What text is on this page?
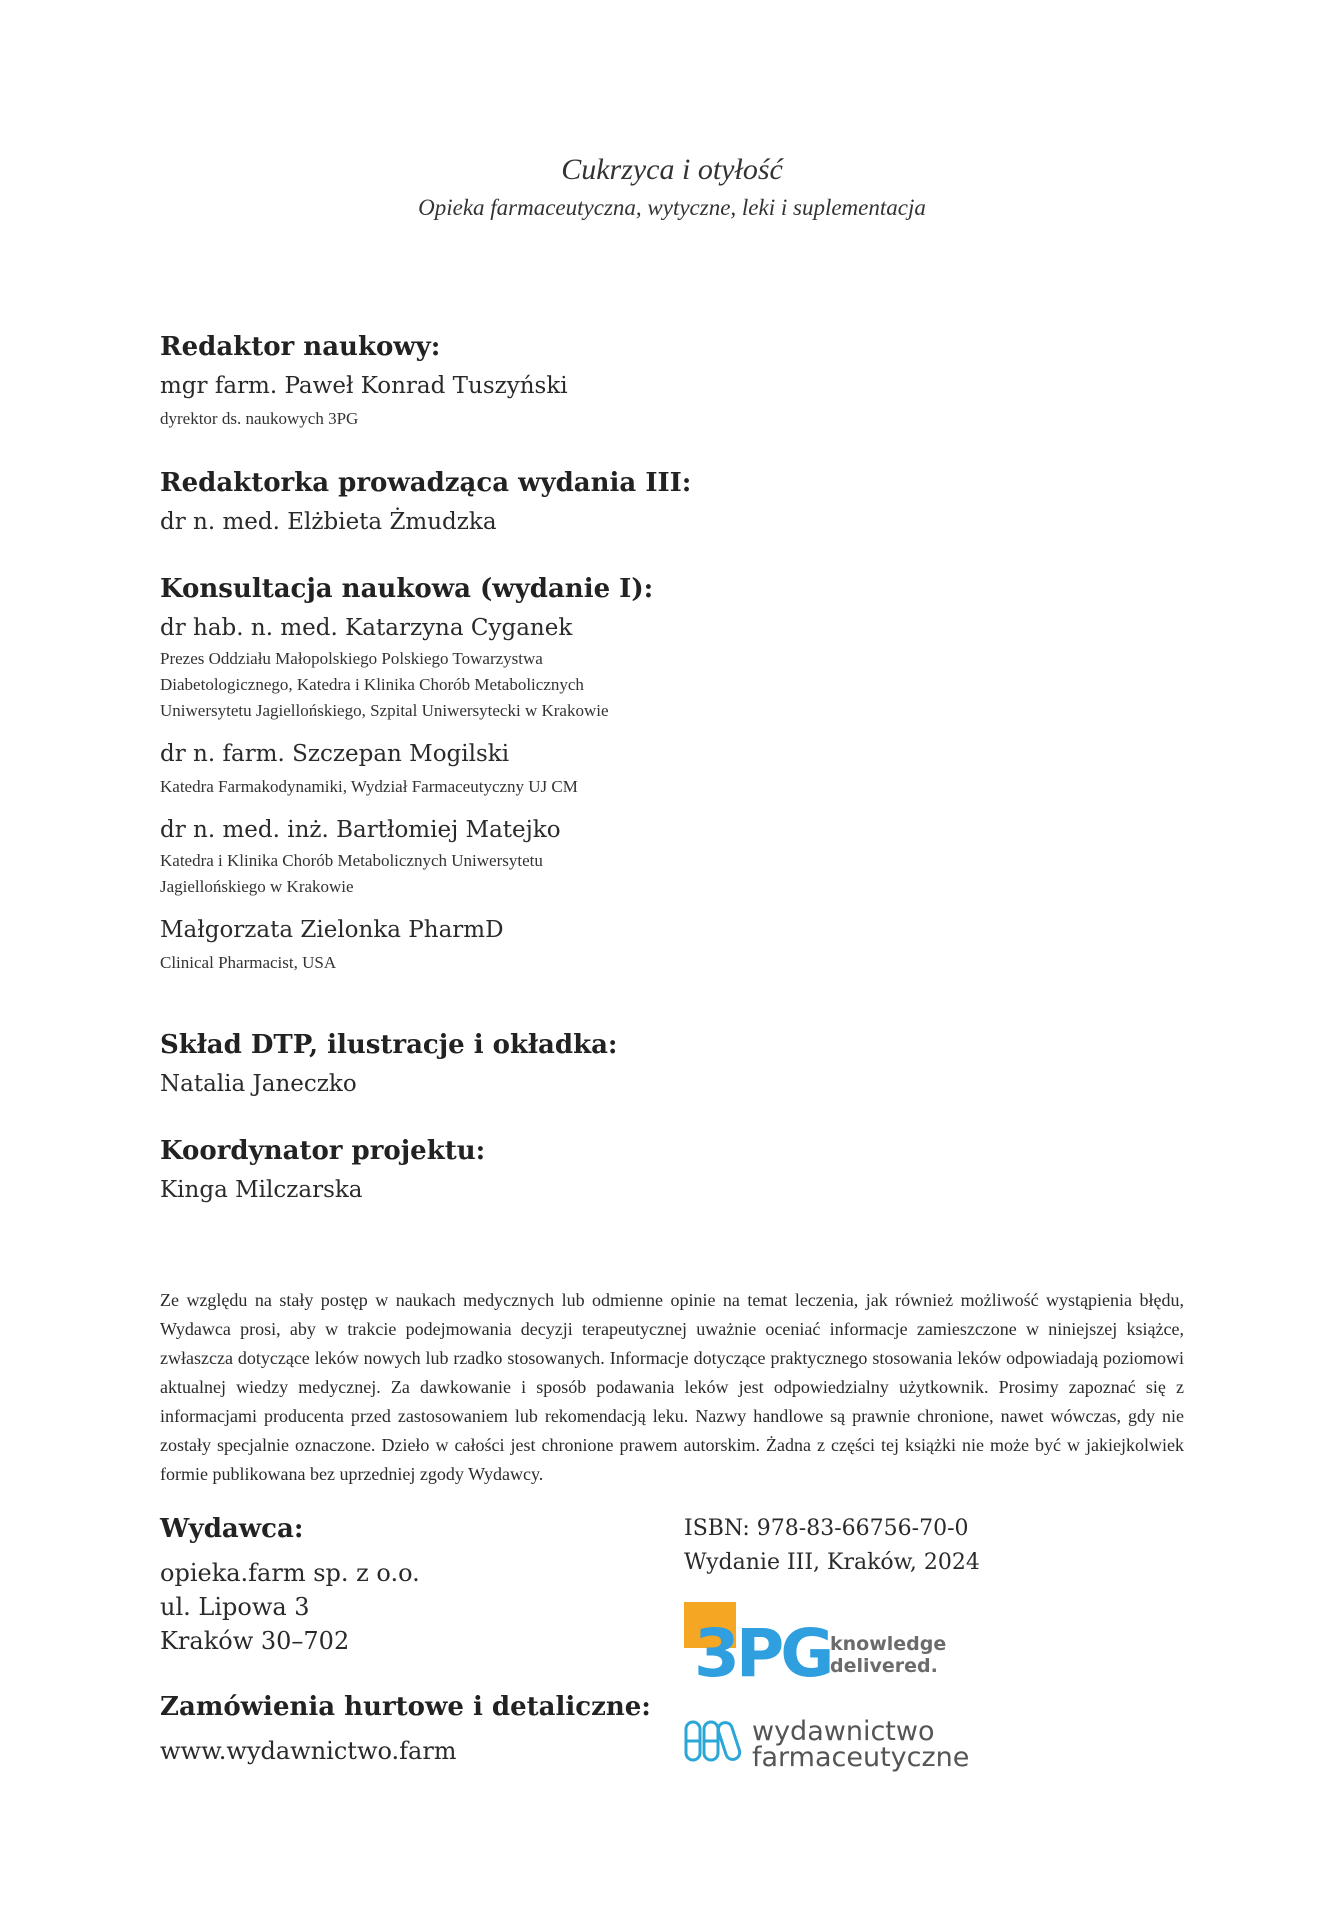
Cukrzyca i otyłość

Opieka farmaceutyczna, wytyczne, leki i suplementacja

Redaktor naukowy:

mgr farm. Paweł Konrad Tuszyński

dyrektor ds. naukowych 3PG

Redaktorka prowadząca wydania III:

dr n. med. Elżbieta Żmudzka

Konsultacja naukowa (wydanie I):

dr hab. n. med. Katarzyna Cyganek

Prezes Oddziału Małopolskiego Polskiego Towarzystwa
Diabetologicznego, Katedra i Klinika Chorób Metabolicznych
Uniwersytetu Jagiellońskiego, Szpital Uniwersytecki w Krakowie

dr n. farm. Szczepan Mogilski

Katedra Farmakodynamiki, Wydział Farmaceutyczny UJ CM

dr n. med. inż. Bartłomiej Matejko

Katedra i Klinika Chorób Metabolicznych Uniwersytetu
Jagiellońskiego w Krakowie

Małgorzata Zielonka PharmD

Clinical Pharmacist, USA

Skład DTP, ilustracje i okładka:

Natalia Janeczko

Koordynator projektu:

Kinga Milczarska

Ze względu na stały postęp w naukach medycznych lub odmienne opinie na temat leczenia, jak również możliwość wystąpienia błędu, Wydawca prosi, aby w trakcie podejmowania decyzji terapeutycznej uważnie oceniać informacje zamieszczone w niniejszej książce, zwłaszcza dotyczące leków nowych lub rzadko stosowanych. Informacje dotyczące praktycznego stosowania leków odpowiadają poziomowi aktualnej wiedzy medycznej. Za dawkowanie i sposób podawania leków jest odpowiedzialny użytkownik. Prosimy zapoznać się z informacjami producenta przed zastosowaniem lub rekomendacją leku. Nazwy handlowe są prawnie chronione, nawet wówczas, gdy nie zostały specjalnie oznaczone. Dzieło w całości jest chronione prawem autorskim. Żadna z części tej książki nie może być w jakiejkolwiek formie publikowana bez uprzedniej zgody Wydawcy.

Wydawca:

opieka.farm sp. z o.o.

ul. Lipowa 3

Kraków 30–702

Zamówienia hurtowe i detaliczne:

www.wydawnictwo.farm

ISBN: 978-83-66756-70-0

Wydanie III, Kraków, 2024

3PG knowledge
delivered.
wydawnictwo
farmaceutyczne
